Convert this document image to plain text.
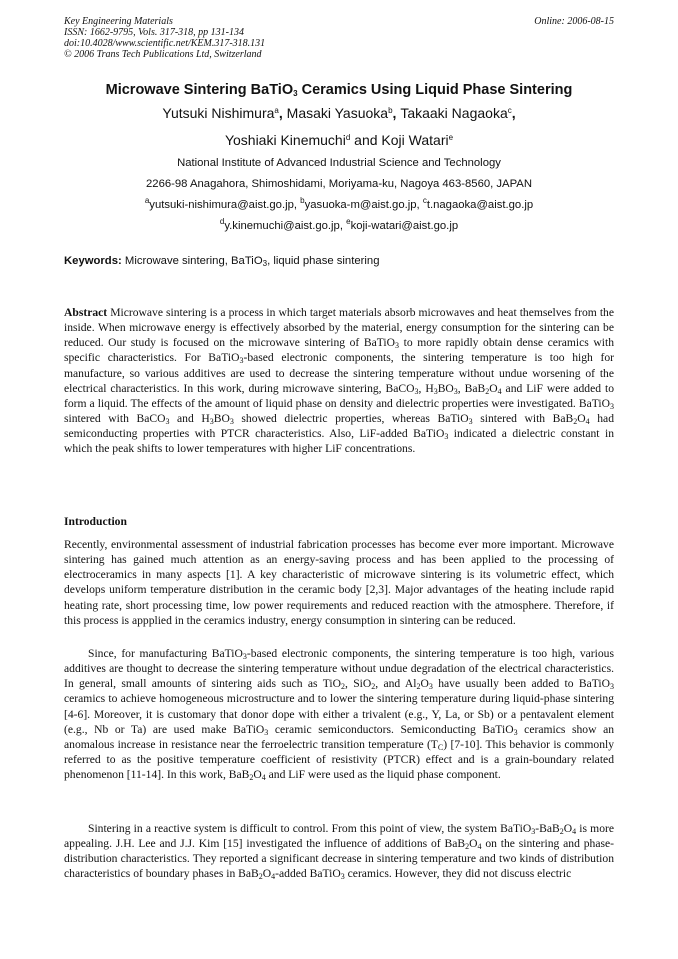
Key Engineering Materials
ISSN: 1662-9795, Vols. 317-318, pp 131-134
doi:10.4028/www.scientific.net/KEM.317-318.131
© 2006 Trans Tech Publications Ltd, Switzerland
Online: 2006-08-15
Microwave Sintering BaTiO$_3$ Ceramics Using Liquid Phase Sintering
Yutsuki Nishimura$^a$, Masaki Yasuoka$^b$, Takaaki Nagaoka$^c$,
Yoshiaki Kinemuchi$^d$ and Koji Watari$^e$
National Institute of Advanced Industrial Science and Technology
2266-98 Anagahora, Shimoshidami, Moriyama-ku, Nagoya 463-8560, JAPAN
$^a$yutsuki-nishimura@aist.go.jp, $^b$yasuoka-m@aist.go.jp, $^c$t.nagaoka@aist.go.jp
$^d$y.kinemuchi@aist.go.jp, $^e$koji-watari@aist.go.jp
Keywords: Microwave sintering, BaTiO$_3$, liquid phase sintering
Abstract Microwave sintering is a process in which target materials absorb microwaves and heat themselves from the inside. When microwave energy is effectively absorbed by the material, energy consumption for the sintering can be reduced. Our study is focused on the microwave sintering of BaTiO$_3$ to more rapidly obtain dense ceramics with specific characteristics. For BaTiO$_3$-based electronic components, the sintering temperature is too high for manufacture, so various additives are used to decrease the sintering temperature without undue worsening of the electrical characteristics. In this work, during microwave sintering, BaCO$_3$, $H_3BO_3$, $BaB_2O_4$ and LiF were added to form a liquid. The effects of the amount of liquid phase on density and dielectric properties were investigated. BaTiO$_3$ sintered with BaCO$_3$ and $H_3BO_3$ showed dielectric properties, whereas BaTiO$_3$ sintered with $BaB_2O_4$ had semiconducting properties with PTCR characteristics. Also, LiF-added BaTiO$_3$ indicated a dielectric constant in which the peak shifts to lower temperatures with higher LiF concentrations.
Introduction
Recently, environmental assessment of industrial fabrication processes has become ever more important. Microwave sintering has gained much attention as an energy-saving process and has been applied to the processing of electroceramics in many aspects [1]. A key characteristic of microwave sintering is its volumetric effect, which develops uniform temperature distribution in the ceramic body [2,3]. Major advantages of the heating include rapid heating rate, short processing time, low power requirements and reduced reaction with the atmosphere. Therefore, if this process is appplied in the ceramics industry, energy consumption in sintering can be reduced.
Since, for manufacturing BaTiO$_3$-based electronic components, the sintering temperature is too high, various additives are thought to decrease the sintering temperature without undue degradation of the electrical characteristics. In general, small amounts of sintering aids such as TiO$_2$, SiO$_2$, and $Al_2O_3$ have usually been added to BaTiO$_3$ ceramics to achieve homogeneous microstructure and to lower the sintering temperature during liquid-phase sintering [4-6]. Moreover, it is customary that donor dope with either a trivalent (e.g., Y, La, or Sb) or a pentavalent element (e.g., Nb or Ta) are used make BaTiO$_3$ ceramic semiconductors. Semiconducting BaTiO$_3$ ceramics show an anomalous increase in resistance near the ferroelectric transition temperature $(T_C)$ [7-10]. This behavior is commonly referred to as the positive temperature coefficient of resistivity (PTCR) effect and is a grain-boundary related phenomenon [11-14]. In this work, $BaB_2O_4$ and LiF were used as the liquid phase component.
Sintering in a reactive system is difficult to control. From this point of view, the system $BaTiO_3-BaB_2O_4$ is more appealing. J.H. Lee and J.J. Kim [15] investigated the influence of additions of $BaB_2O_4$ on the sintering and phase-distribution characteristics. They reported a significant decrease in sintering temperature and two kinds of distribution characteristics of boundary phases in $BaB_2O_4$-added BaTiO$_3$ ceramics. However, they did not discuss electric
